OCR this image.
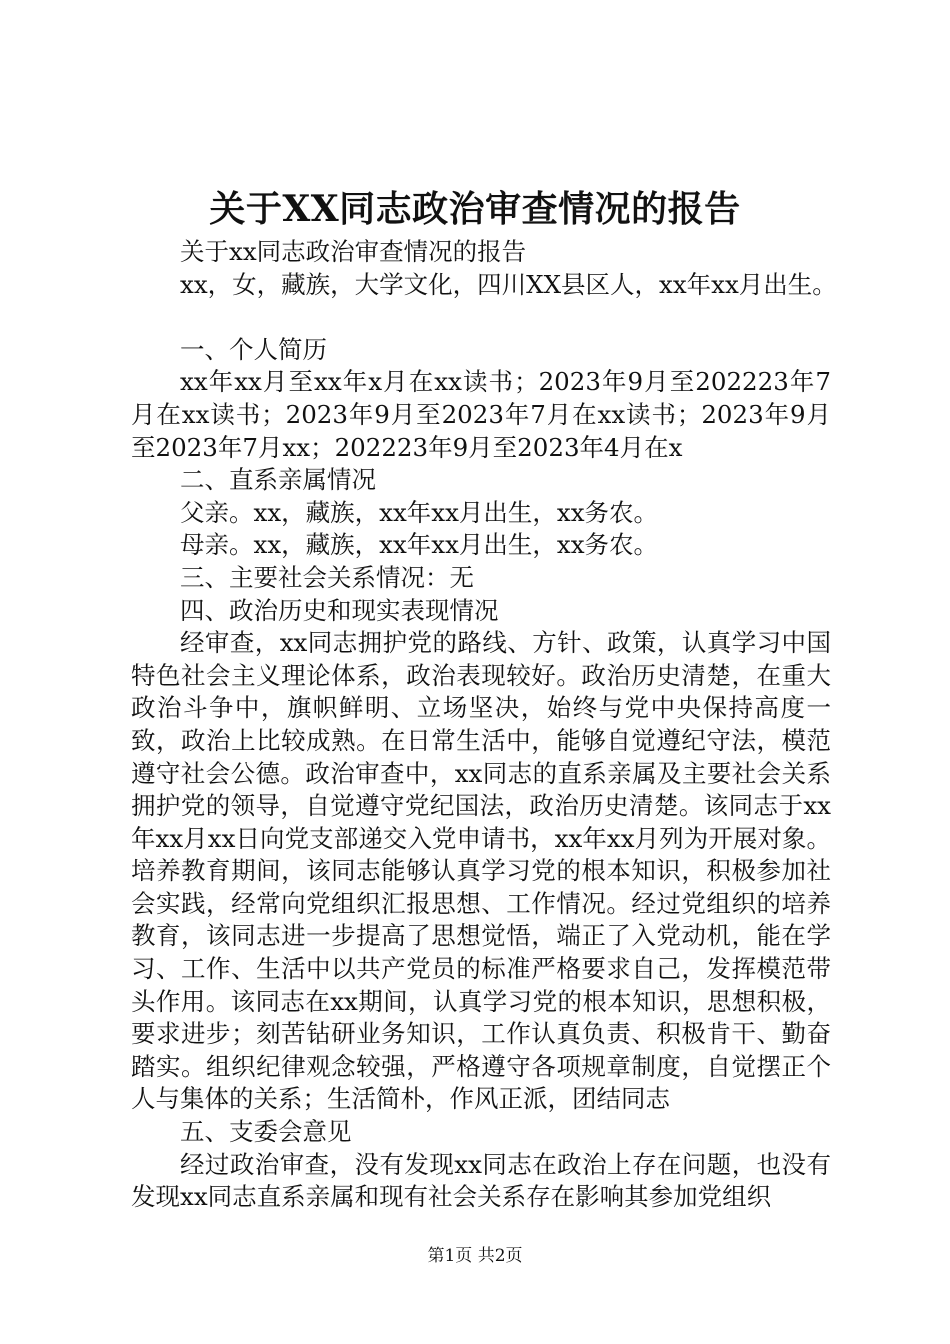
关于XX同志政治审查情况的报告

关于xx同志政治审查情况的报告

xx，女，藏族，大学文化，四川XX县区人，xx年xx月出生。

一、个人简历

xx年xx月至xx年x月在xx读书；2023年9月至202223年7月在xx读书；2023年9月至2023年7月在xx读书；2023年9月至2023年7月xx；202223年9月至2023年4月在x

二、直系亲属情况

父亲。xx，藏族，xx年xx月出生，xx务农。

母亲。xx，藏族，xx年xx月出生，xx务农。

三、主要社会关系情况：无

四、政治历史和现实表现情况

经审查，xx同志拥护党的路线、方针、政策，认真学习中国特色社会主义理论体系，政治表现较好。政治历史清楚，在重大政治斗争中，旗帜鲜明、立场坚决，始终与党中央保持高度一致，政治上比较成熟。在日常生活中，能够自觉遵纪守法，模范遵守社会公德。政治审查中，xx同志的直系亲属及主要社会关系拥护党的领导，自觉遵守党纪国法，政治历史清楚。该同志于xx年xx月xx日向党支部递交入党申请书，xx年xx月列为开展对象。培养教育期间，该同志能够认真学习党的根本知识，积极参加社会实践，经常向党组织汇报思想、工作情况。经过党组织的培养教育，该同志进一步提高了思想觉悟，端正了入党动机，能在学习、工作、生活中以共产党员的标准严格要求自己，发挥模范带头作用。该同志在xx期间，认真学习党的根本知识，思想积极，要求进步；刻苦钻研业务知识，工作认真负责、积极肯干、勤奋踏实。组织纪律观念较强，严格遵守各项规章制度，自觉摆正个人与集体的关系；生活简朴，作风正派，团结同志

五、支委会意见

经过政治审查，没有发现xx同志在政治上存在问题，也没有发现xx同志直系亲属和现有社会关系存在影响其参加党组织

第1页 共2页
